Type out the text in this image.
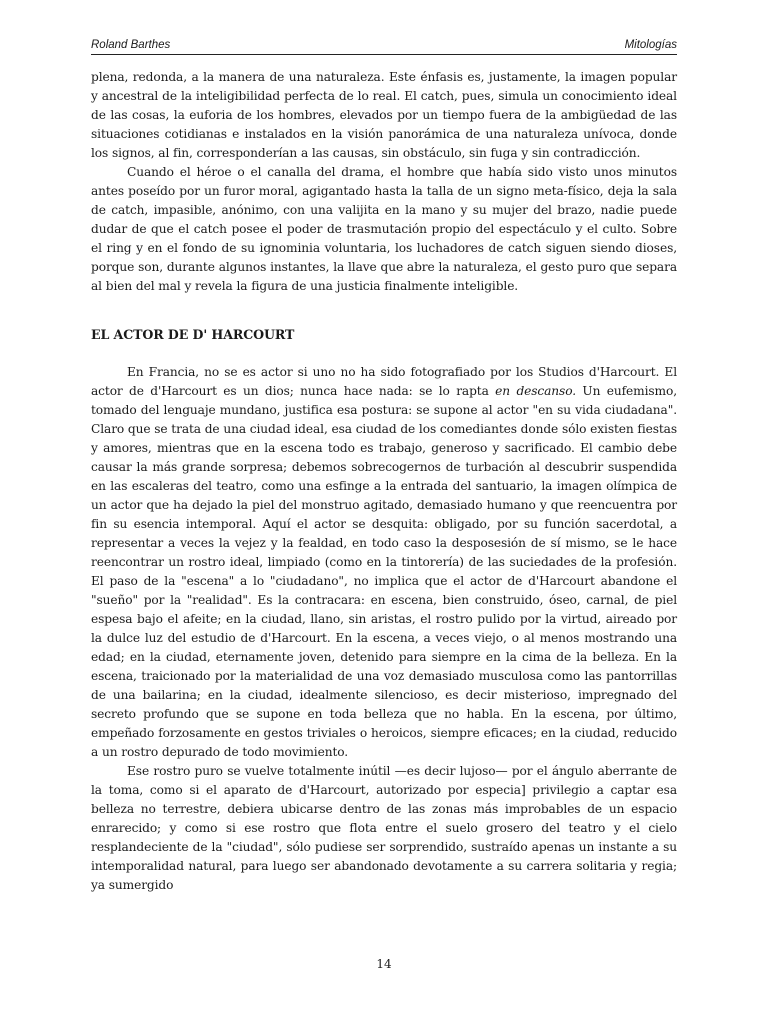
Roland Barthes	Mitologías

plena, redonda, a la manera de una naturaleza. Este énfasis es, justamente, la imagen popular y ancestral de la inteligibilidad perfecta de lo real. El catch, pues, simula un conocimiento ideal de las cosas, la euforia de los hombres, elevados por un tiempo fuera de la ambigüedad de las situaciones cotidianas e instalados en la visión panorámica de una naturaleza unívoca, donde los signos, al fin, corresponderían a las causas, sin obstáculo, sin fuga y sin contradicción.

Cuando el héroe o el canalla del drama, el hombre que había sido visto unos minutos antes poseído por un furor moral, agigantado hasta la talla de un signo meta-físico, deja la sala de catch, impasible, anónimo, con una valijita en la mano y su mujer del brazo, nadie puede dudar de que el catch posee el poder de trasmutación propio del espectáculo y el culto. Sobre el ring y en el fondo de su ignominia voluntaria, los luchadores de catch siguen siendo dioses, porque son, durante algunos instantes, la llave que abre la naturaleza, el gesto puro que separa al bien del mal y revela la figura de una justicia finalmente inteligible.

EL ACTOR DE D' HARCOURT

En Francia, no se es actor si uno no ha sido fotografiado por los Studios d'Harcourt. El actor de d'Harcourt es un dios; nunca hace nada: se lo rapta en descanso. Un eufemismo, tomado del lenguaje mundano, justifica esa postura: se supone al actor "en su vida ciudadana". Claro que se trata de una ciudad ideal, esa ciudad de los comediantes donde sólo existen fiestas y amores, mientras que en la escena todo es trabajo, generoso y sacrificado. El cambio debe causar la más grande sorpresa; debemos sobrecogernos de turbación al descubrir suspendida en las escaleras del teatro, como una esfinge a la entrada del santuario, la imagen olímpica de un actor que ha dejado la piel del monstruo agitado, demasiado humano y que reencuentra por fin su esencia intemporal. Aquí el actor se desquita: obligado, por su función sacerdotal, a representar a veces la vejez y la fealdad, en todo caso la desposesión de sí mismo, se le hace reencontrar un rostro ideal, limpiado (como en la tintorería) de las suciedades de la profesión. El paso de la "escena" a lo "ciudadano", no implica que el actor de d'Harcourt abandone el "sueño" por la "realidad". Es la contracara: en escena, bien construido, óseo, carnal, de piel espesa bajo el afeite; en la ciudad, llano, sin aristas, el rostro pulido por la virtud, aireado por la dulce luz del estudio de d'Harcourt. En la escena, a veces viejo, o al menos mostrando una edad; en la ciudad, eternamente joven, detenido para siempre en la cima de la belleza. En la escena, traicionado por la materialidad de una voz demasiado musculosa como las pantorrillas de una bailarina; en la ciudad, idealmente silencioso, es decir misterioso, impregnado del secreto profundo que se supone en toda belleza que no habla. En la escena, por último, empeñado forzosamente en gestos triviales o heroicos, siempre eficaces; en la ciudad, reducido a un rostro depurado de todo movimiento.

Ese rostro puro se vuelve totalmente inútil —es decir lujoso— por el ángulo aberrante de la toma, como si el aparato de d'Harcourt, autorizado por especia] privilegio a captar esa belleza no terrestre, debiera ubicarse dentro de las zonas más improbables de un espacio enrarecido; y como si ese rostro que flota entre el suelo grosero del teatro y el cielo resplandeciente de la "ciudad", sólo pudiese ser sorprendido, sustraído apenas un instante a su intemporalidad natural, para luego ser abandonado devotamente a su carrera solitaria y regia; ya sumergido

14
